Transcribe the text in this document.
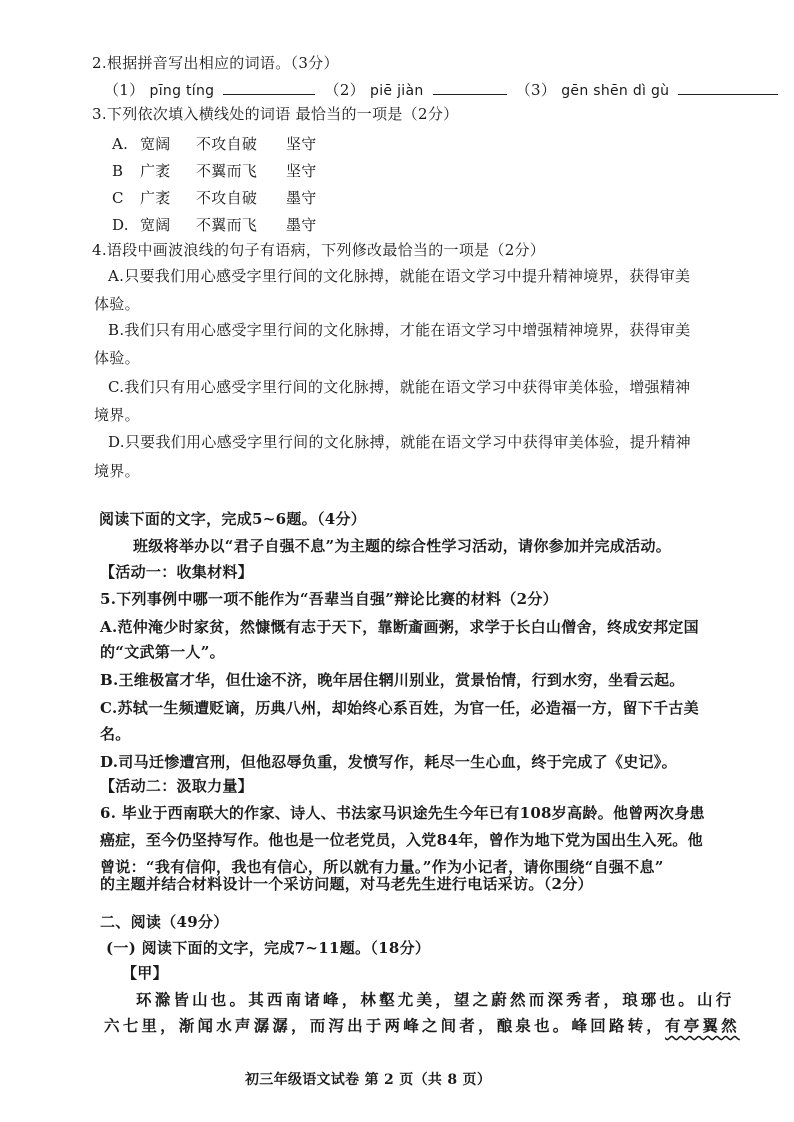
2.根据拼音写出相应的词语。（3分）
（1） pīng tíng	（2） piē jiàn	（3） gēn shēn dì gù
3.下列依次填入横线处的词语 最恰当的一项是（2分）
A. 宽阔 不攻自破 坚守
B 广袤 不翼而飞 坚守
C 广袤 不攻自破 墨守
D. 宽阔 不翼而飞 墨守
4.语段中画波浪线的句子有语病，下列修改最恰当的一项是（2分）
A.只要我们用心感受字里行间的文化脉搏，就能在语文学习中提升精神境界，获得审美
体验。
B.我们只有用心感受字里行间的文化脉搏，才能在语文学习中增强精神境界，获得审美
体验。
C.我们只有用心感受字里行间的文化脉搏，就能在语文学习中获得审美体验，增强精神
境界。
D.只要我们用心感受字里行间的文化脉搏，就能在语文学习中获得审美体验，提升精神
境界。
阅读下面的文字，完成5~6题。（4分）
班级将举办以“君子自强不息”为主题的综合性学习活动，请你参加并完成活动。
【活动一：收集材料】
5.下列事例中哪一项不能作为“吾辈当自强”辩论比赛的材料（2分）
A.范仲淹少时家贫，然慷慨有志于天下，靠断齑画粥，求学于长白山僧舍，终成安邦定国
的“文武第一人”。
B.王维极富才华，但仕途不济，晚年居住辋川别业，赏景怡情，行到水穷，坐看云起。
C.苏轼一生频遭贬谪，历典八州，却始终心系百姓，为官一任，必造福一方，留下千古美
名。
D.司马迁惨遭宫刑，但他忍辱负重，发愤写作，耗尽一生心血，终于完成了《史记》。
【活动二：汲取力量】
6. 毕业于西南联大的作家、诗人、书法家马识途先生今年已有108岁高龄。他曾两次身患
癌症，至今仍坚持写作。他也是一位老党员，入党84年，曾作为地下党为国出生入死。他
曾说：“我有信仰，我也有信心，所以就有力量。”作为小记者，请你围绕“自强不息”
的主题并结合材料设计一个采访问题，对马老先生进行电话采访。（2分）
二、阅读（49分）
(一) 阅读下面的文字，完成7~11题。（18分）
【甲】
环滁皆山也。其西南诸峰，林壑尤美，望之蔚然而深秀者，琅琊也。山行
六七里，渐闻水声潺潺，而泻出于两峰之间者，酿泉也。峰回路转，有亭翼然
初三年级语文试卷 第 2 页（共 8 页）
